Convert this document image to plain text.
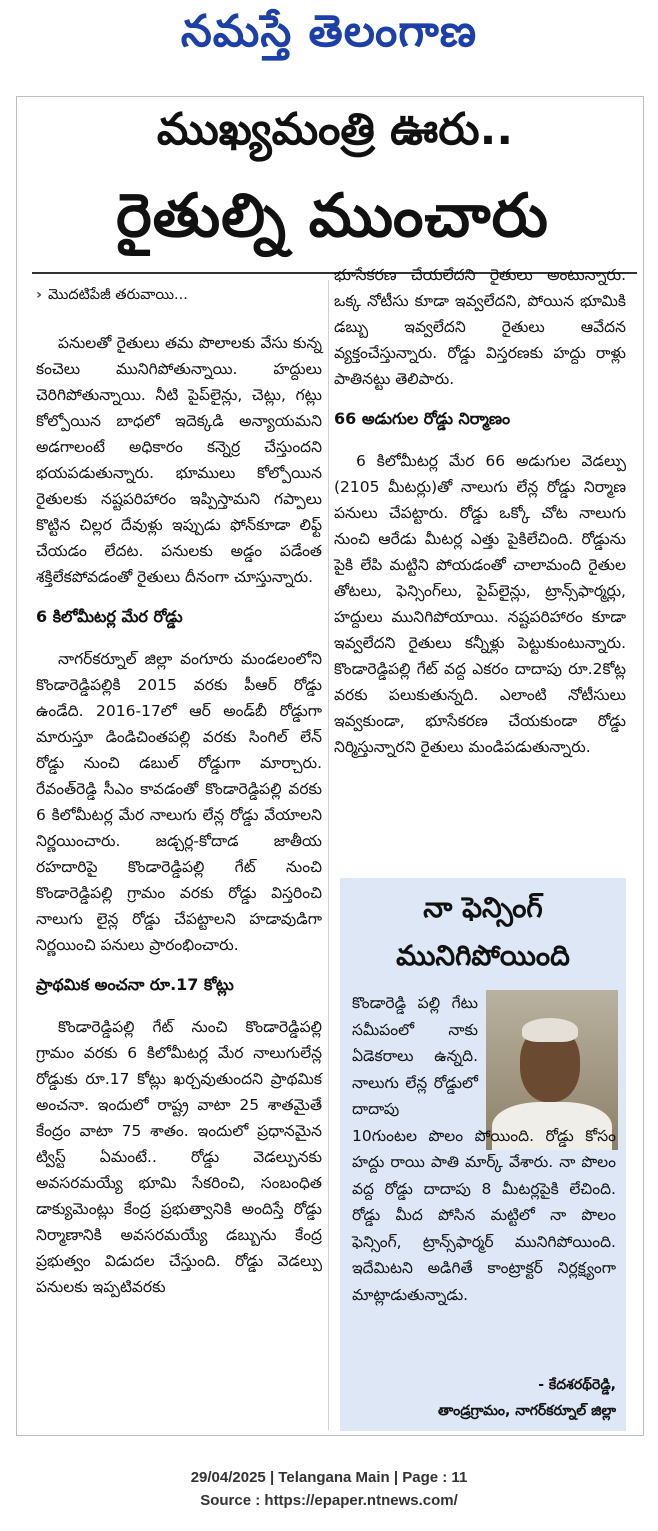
నమస్తే తెలంగాణ
ముఖ్యమంత్రి ఊరు..
రైతుల్ని ముంచారు

› మొదటిపేజీ తరువాయి...

పనులతో రైతులు తమ పొలాలకు వేసు కున్న కంచెలు మునిగిపోతున్నాయి. హద్దులు చెరిగిపోతున్నాయి. నీటి పైప్‌లైన్లు, చెట్లు, గట్లు కోల్పోయిన బాధలో ఇదెక్కడి అన్యాయమని అడగాలంటే అధికారం కన్నెర్ర చేస్తుందని భయపడుతున్నారు. భూములు కోల్పోయిన రైతులకు నష్టపరిహారం ఇప్పిస్తామని గప్పాలు కొట్టిన చిల్లర దేవుళ్లు ఇప్పుడు ఫోన్‌కూడా లిఫ్ట్ చేయడం లేదట. పనులకు అడ్డం పడేంత శక్తిలేకపోవడంతో రైతులు దీనంగా చూస్తున్నారు.

6 కిలోమీటర్ల మేర రోడ్డు

నాగర్‌కర్నూల్ జిల్లా వంగూరు మండలంలోని కొండారెడ్డిపల్లికి 2015 వరకు పీఆర్ రోడ్డు ఉండేది. 2016-17లో ఆర్ అండ్‌బీ రోడ్డుగా మారుస్తూ డిండిచింతపల్లి వరకు సింగిల్ లేన్ రోడ్డు నుంచి డబుల్ రోడ్డుగా మార్చారు. రేవంత్‌రెడ్డి సీఎం కావడంతో కొండారెడ్డిపల్లి వరకు 6 కిలోమీటర్ల మేర నాలుగు లేన్ల రోడ్డు వేయాలని నిర్ణయించారు. జడ్చర్ల-కోదాడ జాతీయ రహదారిపై కొండారెడ్డిపల్లి గేట్ నుంచి కొండారెడ్డిపల్లి గ్రామం వరకు రోడ్డు విస్తరించి నాలుగు లైన్ల రోడ్డు చేపట్టాలని హడావుడిగా నిర్ణయించి పనులు ప్రారంభించారు.

ప్రాథమిక అంచనా రూ.17 కోట్లు

కొండారెడ్డిపల్లి గేట్ నుంచి కొండారెడ్డిపల్లి గ్రామం వరకు 6 కిలోమీటర్ల మేర నాలుగులేన్ల రోడ్డుకు రూ.17 కోట్లు ఖర్చవుతుందని ప్రాథమిక అంచనా. ఇందులో రాష్ట్ర వాటా 25 శాతమైతే కేంద్రం వాటా 75 శాతం. ఇందులో ప్రధానమైన ట్విస్ట్ ఏమంటే.. రోడ్డు వెడల్పునకు అవసరమయ్యే భూమి సేకరించి, సంబంధిత డాక్యుమెంట్లు కేంద్ర ప్రభుత్వానికి అందిస్తే రోడ్డు నిర్మాణానికి అవసరమయ్యే డబ్బును కేంద్ర ప్రభుత్వం విడుదల చేస్తుంది. రోడ్డు వెడల్పు పనులకు ఇప్పటివరకు

భూసేకరణ చేయలేదని రైతులు అంటున్నారు. ఒక్క నోటీసు కూడా ఇవ్వలేదని, పోయిన భూమికి డబ్బు ఇవ్వలేదని రైతులు ఆవేదన వ్యక్తంచేస్తున్నారు. రోడ్డు విస్తరణకు హద్దు రాళ్లు పాతినట్టు తెలిపారు.

66 అడుగుల రోడ్డు నిర్మాణం

6 కిలోమీటర్ల మేర 66 అడుగుల వెడల్పు (2105 మీటర్లు)తో నాలుగు లేన్ల రోడ్డు నిర్మాణ పనులు చేపట్టారు. రోడ్డు ఒక్కో చోట నాలుగు నుంచి ఆరేడు మీటర్ల ఎత్తు పైకిలేచింది. రోడ్డును పైకి లేపి మట్టిని పోయడంతో చాలామంది రైతుల తోటలు, ఫెన్సింగ్‌లు, పైప్‌లైన్లు, ట్రాన్స్‌ఫార్మర్లు, హద్దులు మునిగిపోయాయి. నష్టపరిహారం కూడా ఇవ్వలేదని రైతులు కన్నీళ్లు పెట్టుకుంటున్నారు. కొండారెడ్డిపల్లి గేట్ వద్ద ఎకరం దాదాపు రూ.2కోట్ల వరకు పలుకుతున్నది. ఎలాంటి నోటీసులు ఇవ్వకుండా, భూసేకరణ చేయకుండా రోడ్డు నిర్మిస్తున్నారని రైతులు మండిపడుతున్నారు.

నా ఫెన్సింగ్
మునిగిపోయింది
కొండారెడ్డి పల్లి గేటు సమీపంలో నాకు ఏడెకరాలు ఉన్నది. నాలుగు లేన్ల రోడ్డులో దాదాపు
10గుంటల పొలం పోయింది. రోడ్డు కోసం హద్దు రాయి పాతి మార్క్ వేశారు. నా పొలం వద్ద రోడ్డు దాదాపు 8 మీటర్లపైకి లేచింది. రోడ్డు మీద పోసిన మట్టిలో నా పొలం ఫెన్సింగ్, ట్రాన్స్‌ఫార్మర్ మునిగిపోయింది. ఇదేమిటని అడిగితే కాంట్రాక్టర్ నిర్లక్ష్యంగా మాట్లాడుతున్నాడు.
- కేదశరథ్‌రెడ్డి,
తాండ్రగ్రామం, నాగర్‌కర్నూల్ జిల్లా
29/04/2025 | Telangana Main | Page : 11
Source : https://epaper.ntnews.com/
